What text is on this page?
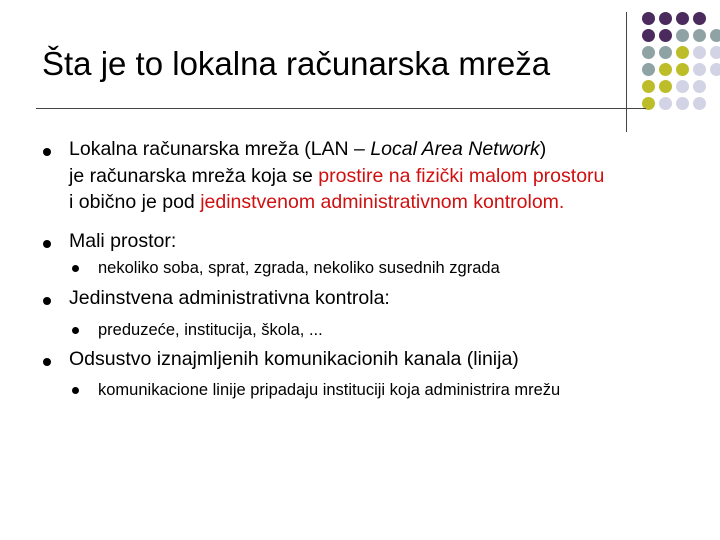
Šta je to lokalna računarska mreža
Lokalna računarska mreža (LAN – Local Area Network)
je računarska mreža koja se prostire na fizički malom prostoru
i obično je pod jedinstvenom administrativnom kontrolom.
Mali prostor:
nekoliko soba, sprat, zgrada, nekoliko susednih zgrada
Jedinstvena administrativna kontrola:
preduzeće, institucija, škola, ...
Odsustvo iznajmljenih komunikacionih kanala (linija)
komunikacione linije pripadaju instituciji koja administrira mrežu
